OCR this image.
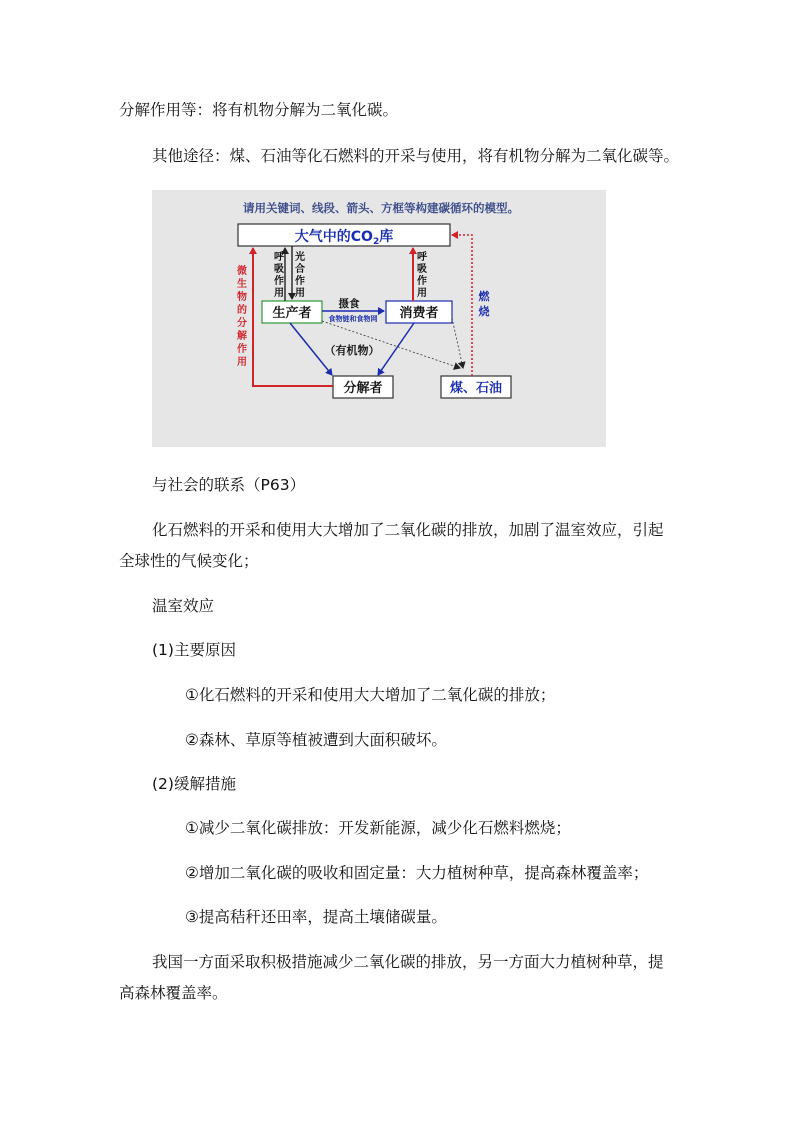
分解作用等：将有机物分解为二氧化碳。
其他途径：煤、石油等化石燃料的开采与使用，将有机物分解为二氧化碳等。
请用关键词、线段、箭头、方框等构建碳循环的模型。
大气中的$CO_2$库
生产者	消费者
分解者	煤、石油
呼
吸
作
用
光
合
作
用
呼
吸
作
用
微
生
物
的
分
解
作
用
摄食
食物链和食物网
（有机物）
燃
烧
与社会的联系（P63）
化石燃料的开采和使用大大增加了二氧化碳的排放，加剧了温室效应，引起
全球性的气候变化；
温室效应
(1)主要原因
①化石燃料的开采和使用大大增加了二氧化碳的排放；
②森林、草原等植被遭到大面积破坏。
(2)缓解措施
①减少二氧化碳排放：开发新能源，减少化石燃料燃烧；
②增加二氧化碳的吸收和固定量：大力植树种草，提高森林覆盖率；
③提高秸秆还田率，提高土壤储碳量。
我国一方面采取积极措施减少二氧化碳的排放，另一方面大力植树种草，提
高森林覆盖率。
